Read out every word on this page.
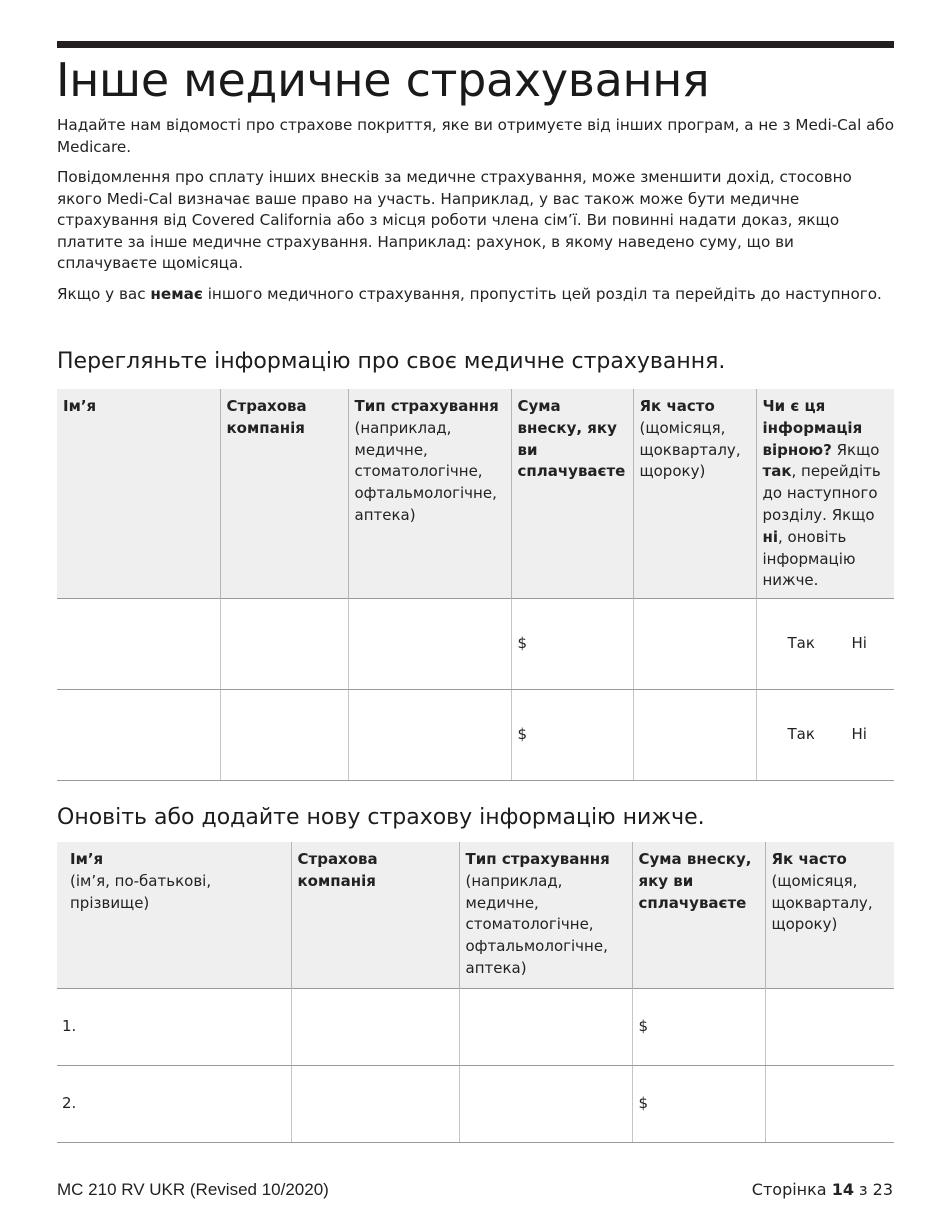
Інше медичне страхування

Надайте нам відомості про страхове покриття, яке ви отримуєте від інших програм, а не з Medi-Cal або Medicare.

Повідомлення про сплату інших внесків за медичне страхування, може зменшити дохід, стосовно якого Medi-Cal визначає ваше право на участь. Наприклад, у вас також може бути медичне страхування від Covered California або з місця роботи члена сім’ї. Ви повинні надати доказ, якщо платите за інше медичне страхування. Наприклад: рахунок, в якому наведено суму, що ви сплачуваєте щомісяца.

Якщо у вас немає іншого медичного страхування, пропустіть цей розділ та перейдіть до наступного.

Перегляньте інформацію про своє медичне страхування.
Ім’я	Страхова компанія	Тип страхування (наприклад, медичне, стоматологічне, офтальмологічне, аптека)	Сума внеску, яку ви сплачуваєте	Як часто (щомісяця, щокварталу, щороку)	Чи є ця інформація вірною? Якщо так, перейдіть до наступного розділу. Якщо ні, оновіть інформацію нижче.
			$		Так Ні

			$		Так Ні
Оновіть або додайте нову страхову інформацію нижче.
Ім’я
(ім’я, по-батькові, прізвище)	Страхова компанія	Тип страхування (наприклад, медичне, стоматологічне, офтальмологічне, аптека)	Сума внеску, яку ви сплачуваєте	Як часто (щомісяця, щокварталу, щороку)
1.			$	
2.			$	
MC 210 RV UKR (Revised 10/2020)	Сторінка 14 з 23
